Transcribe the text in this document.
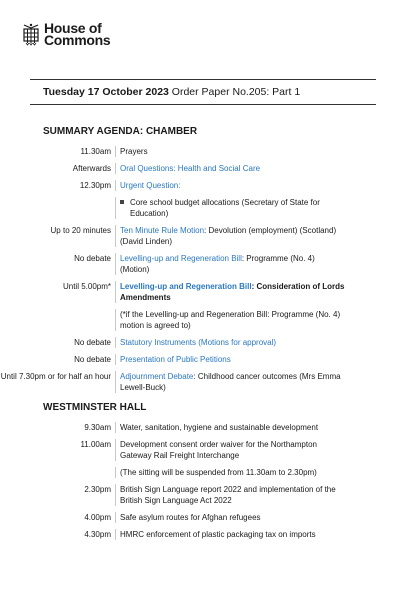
House of
Commons
Tuesday 17 October 2023 Order Paper No.205: Part 1
SUMMARY AGENDA: CHAMBER
11.30am	Prayers
Afterwards	Oral Questions: Health and Social Care
12.30pm	Urgent Question:
Core school budget allocations (Secretary of State for Education)
Up to 20 minutes	Ten Minute Rule Motion: Devolution (employment) (Scotland) (David Linden)
No debate	Levelling-up and Regeneration Bill: Programme (No. 4) (Motion)
Until 5.00pm*	Levelling-up and Regeneration Bill: Consideration of Lords Amendments
(*if the Levelling-up and Regeneration Bill: Programme (No. 4) motion is agreed to)
No debate	Statutory Instruments (Motions for approval)
No debate	Presentation of Public Petitions
Until 7.30pm or for half an hour	Adjournment Debate: Childhood cancer outcomes (Mrs Emma Lewell-Buck)
WESTMINSTER HALL
9.30am	Water, sanitation, hygiene and sustainable development
11.00am	Development consent order waiver for the Northampton Gateway Rail Freight Interchange
(The sitting will be suspended from 11.30am to 2.30pm)
2.30pm	British Sign Language report 2022 and implementation of the British Sign Language Act 2022
4.00pm	Safe asylum routes for Afghan refugees
4.30pm	HMRC enforcement of plastic packaging tax on imports
